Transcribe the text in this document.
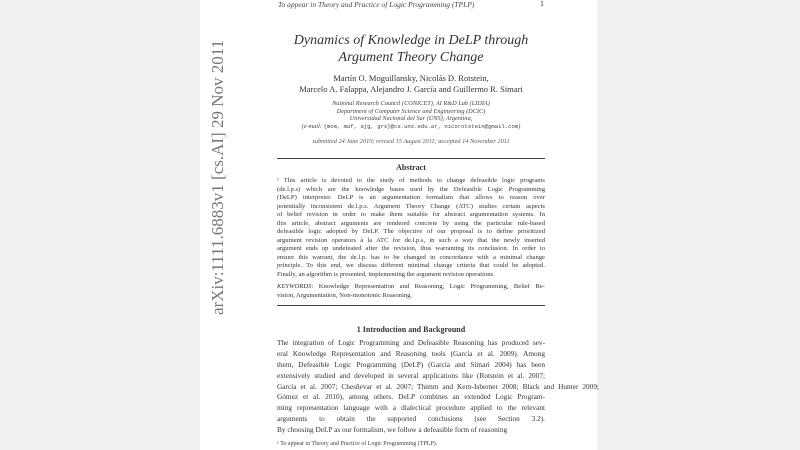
To appear in Theory and Practice of Logic Programming (TPLP)	1
arXiv:1111.6883v1 [cs.AI] 29 Nov 2011	Dynamics of Knowledge in DeLP through
Argument Theory Change
Martín O. Moguillansky, Nicolás D. Rotstein,
Marcelo A. Falappa, Alejandro J. García and Guillermo R. Simari
National Research Council (CONICET), AI R&D Lab (LIDIA)
Department of Computer Science and Engineering (DCIC)
Universidad Nacional del Sur (UNS), Argentina,
(e-mail: {mom, maf, ajg, grs}@cs.uns.edu.ar, nicorotstein@gmail.com)
submitted 24 June 2010; revised 15 August 2011; accepted 14 November 2011
Abstract
¹ This article is devoted to the study of methods to change defeasible logic programs
(de.l.p.s) which are the knowledge bases used by the Defeasible Logic Programming
(DeLP) interpreter. DeLP is an argumentation formalism that allows to reason over
potentially inconsistent de.l.p.s. Argument Theory Change (ATC) studies certain aspects
of belief revision in order to make them suitable for abstract argumentation systems. In
this article, abstract arguments are rendered concrete by using the particular rule-based
defeasible logic adopted by DeLP. The objective of our proposal is to define prioritized
argument revision operators à la ATC for de.l.p.s, in such a way that the newly inserted
argument ends up undefeated after the revision, thus warranting its conclusion. In order to
ensure this warrant, the de.l.p. has to be changed in concordance with a minimal change
principle. To this end, we discuss different minimal change criteria that could be adopted.
Finally, an algorithm is presented, implementing the argument revision operations.
KEYWORDS: Knowledge Representation and Reasoning, Logic Programming, Belief Re-
vision, Argumentation, Non-monotonic Reasoning.
1 Introduction and Background
The integration of Logic Programming and Defeasible Reasoning has produced sev-
eral Knowledge Representation and Reasoning tools (García et al. 2009). Among
them, Defeasible Logic Programming (DeLP) (García and Simari 2004) has been
extensively studied and developed in several applications like (Rotstein et al. 2007;
García et al. 2007; Chesñevar et al. 2007; Thimm and Kern-Isberner 2008; Black and Hunter 2009;
Gómez et al. 2010), among others. DeLP combines an extended Logic Program-
ming representation language with a dialectical procedure applied to the relevant
arguments to obtain the supported conclusions (see Section 3.2).
By choosing DeLP as our formalism, we follow a defeasible form of reasoning
¹ To appear in Theory and Practice of Logic Programming (TPLP).
